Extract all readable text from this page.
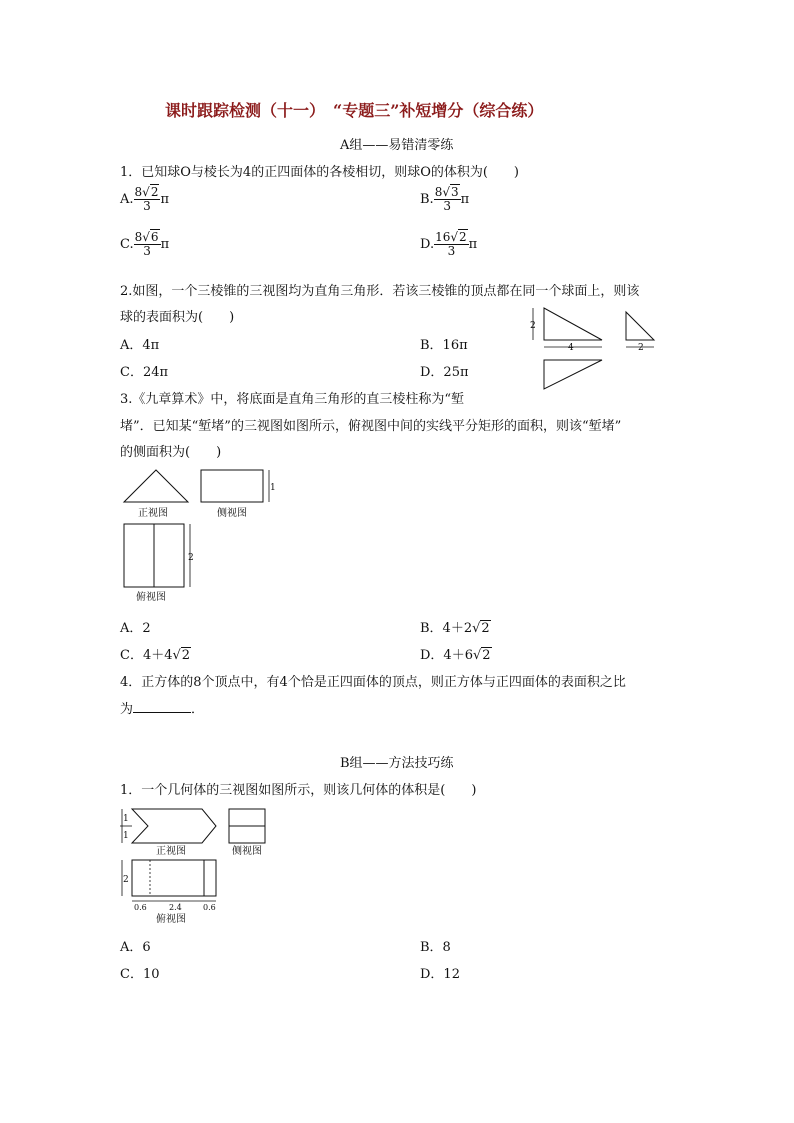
课时跟踪检测（十一）　“专题三”补短增分（综合练）
A组——易错清零练
1．已知球O与棱长为4的正四面体的各棱相切，则球O的体积为(　　)
A. $\frac{8√2}{3}$ π	B. $\frac{8√3}{3}$ π
C. $\frac{8√6}{3}$ π	D. $\frac{16√2}{3}$ π
2.如图，一个三棱锥的三视图均为直角三角形．若该三棱锥的顶点都在同一个球面上，则该
球的表面积为(　　)
A．4π	B．16π
C．24π	D．25π
2
4	2
3.《九章算术》中，将底面是直角三角形的直三棱柱称为“堑
堵”．已知某“堑堵”的三视图如图所示，俯视图中间的实线平分矩形的面积，则该“堑堵”
的侧面积为(　　)
正视图
1
侧视图
2
俯视图
A．2	B．4＋2√2
C．4＋4√2	D．4＋6√2
4．正方体的8个顶点中，有4个恰是正四面体的顶点，则正方体与正四面体的表面积之比
为	．
B组——方法技巧练
1．一个几何体的三视图如图所示，则该几何体的体积是(　　)
1
1
正视图	侧视图
2
0.6	2.4	0.6
俯视图
A．6	B．8
C．10	D．12
